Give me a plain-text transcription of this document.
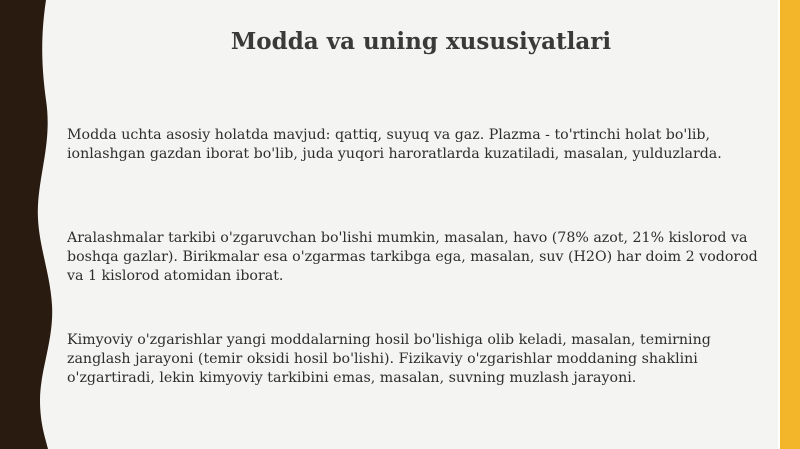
Modda va uning xususiyatlari

Modda uchta asosiy holatda mavjud: qattiq, suyuq va gaz. Plazma - to'rtinchi holat bo'lib, ionlashgan gazdan iborat bo'lib, juda yuqori haroratlarda kuzatiladi, masalan, yulduzlarda.

Aralashmalar tarkibi o'zgaruvchan bo'lishi mumkin, masalan, havo (78% azot, 21% kislorod va boshqa gazlar). Birikmalar esa o'zgarmas tarkibga ega, masalan, suv (H2O) har doim 2 vodorod va 1 kislorod atomidan iborat.

Kimyoviy o'zgarishlar yangi moddalarning hosil bo'lishiga olib keladi, masalan, temirning zanglash jarayoni (temir oksidi hosil bo'lishi). Fizikaviy o'zgarishlar moddaning shaklini o'zgartiradi, lekin kimyoviy tarkibini emas, masalan, suvning muzlash jarayoni.
